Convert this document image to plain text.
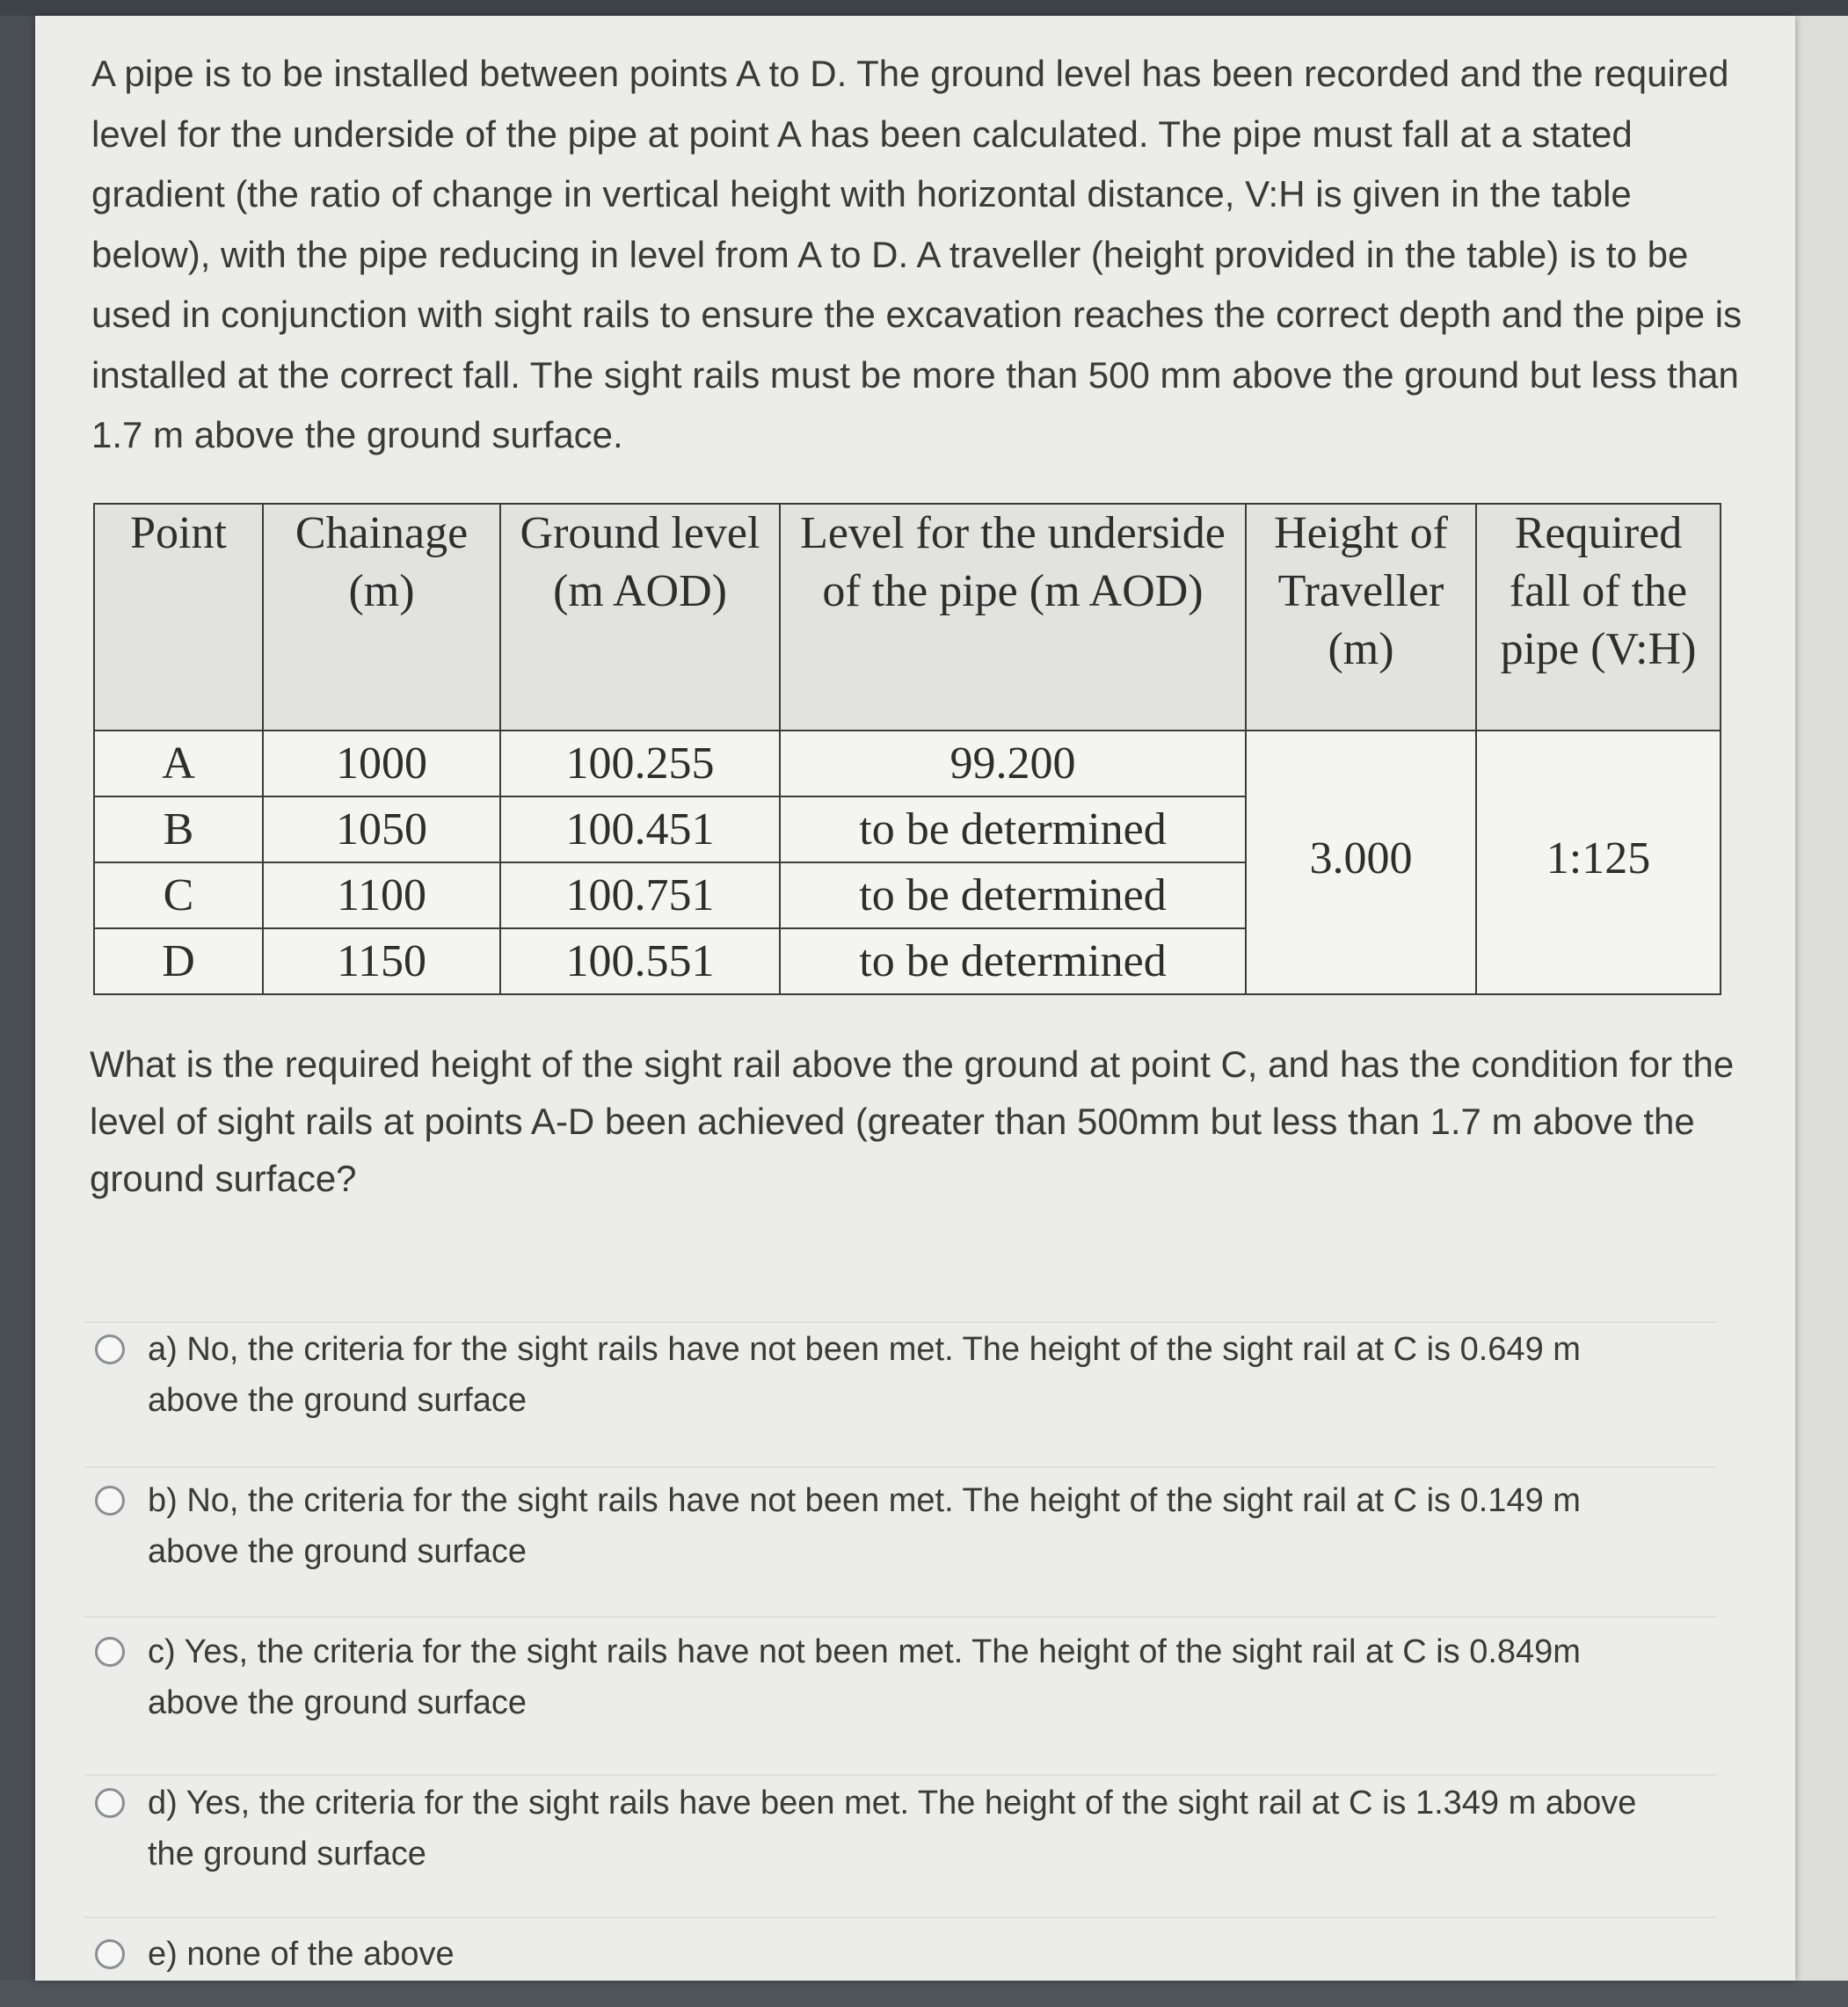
A pipe is to be installed between points A to D. The ground level has been recorded and the required level for the underside of the pipe at point A has been calculated. The pipe must fall at a stated gradient (the ratio of change in vertical height with horizontal distance, V:H is given in the table below), with the pipe reducing in level from A to D. A traveller (height provided in the table) is to be used in conjunction with sight rails to ensure the excavation reaches the correct depth and the pipe is installed at the correct fall. The sight rails must be more than 500 mm above the ground but less than 1.7 m above the ground surface.

Point	Chainage (m)	Ground level (m AOD)	Level for the underside of the pipe (m AOD)	Height of Traveller (m)	Required fall of the pipe (V:H)
A	1000	100.255	99.200	3.000	1:125
B	1050	100.451	to be determined		
C	1100	100.751	to be determined		
D	1150	100.551	to be determined		

What is the required height of the sight rail above the ground at point C, and has the condition for the level of sight rails at points A-D been achieved (greater than 500mm but less than 1.7 m above the ground surface?

a) No, the criteria for the sight rails have not been met. The height of the sight rail at C is 0.649 m above the ground surface
b) No, the criteria for the sight rails have not been met. The height of the sight rail at C is 0.149 m above the ground surface
c) Yes, the criteria for the sight rails have not been met. The height of the sight rail at C is 0.849m above the ground surface
d) Yes, the criteria for the sight rails have been met. The height of the sight rail at C is 1.349 m above the ground surface
e) none of the above
